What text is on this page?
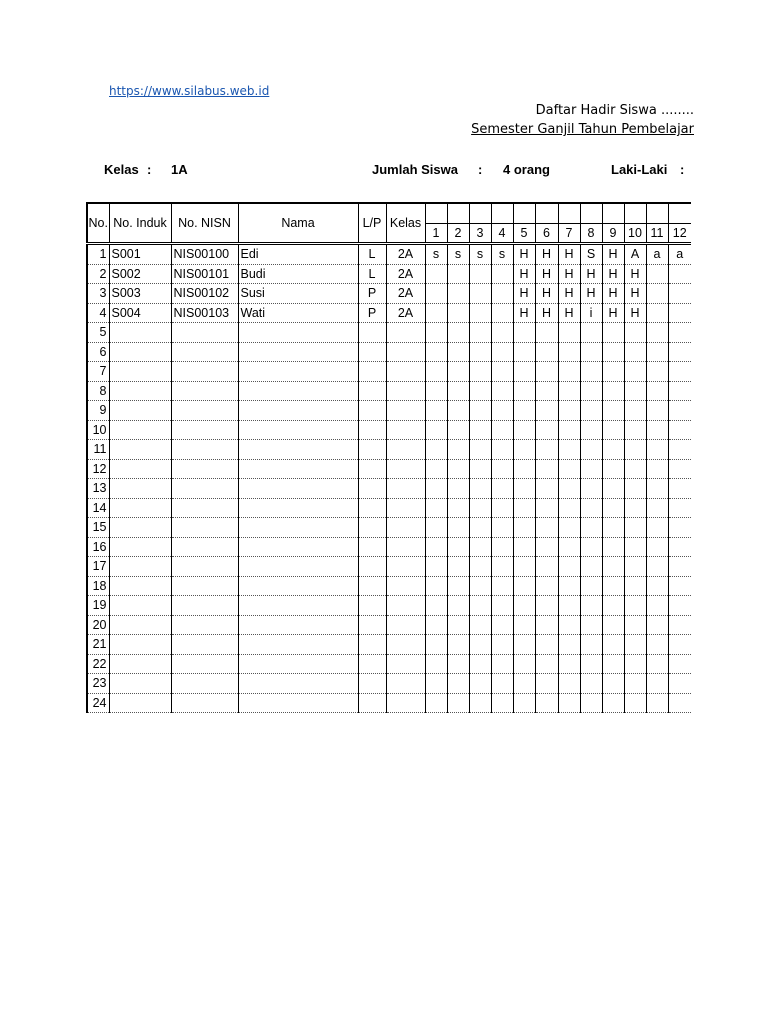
https://www.silabus.web.id
Daftar Hadir Siswa ........
Semester Ganjil Tahun Pembelajar
Kelas : 1A	Jumlah Siswa : 4 orang	Laki-Laki :
No.	No. Induk	No. NISN	Nama	L/P	Kelas												
						1	2	3	4	5	6	7	8	9	10	11	12
1	S001	NIS00100	Edi	L	2A	s	s	s	s	H	H	H	S	H	A	a	a
2	S002	NIS00101	Budi	L	2A					H	H	H	H	H	H		
3	S003	NIS00102	Susi	P	2A					H	H	H	H	H	H		
4	S004	NIS00103	Wati	P	2A					H	H	H	i	H	H		
5																	
6																	
7																	
8																	
9																	
10																	
11																	
12																	
13																	
14																	
15																	
16																	
17																	
18																	
19																	
20																	
21																	
22																	
23																	
24																	
